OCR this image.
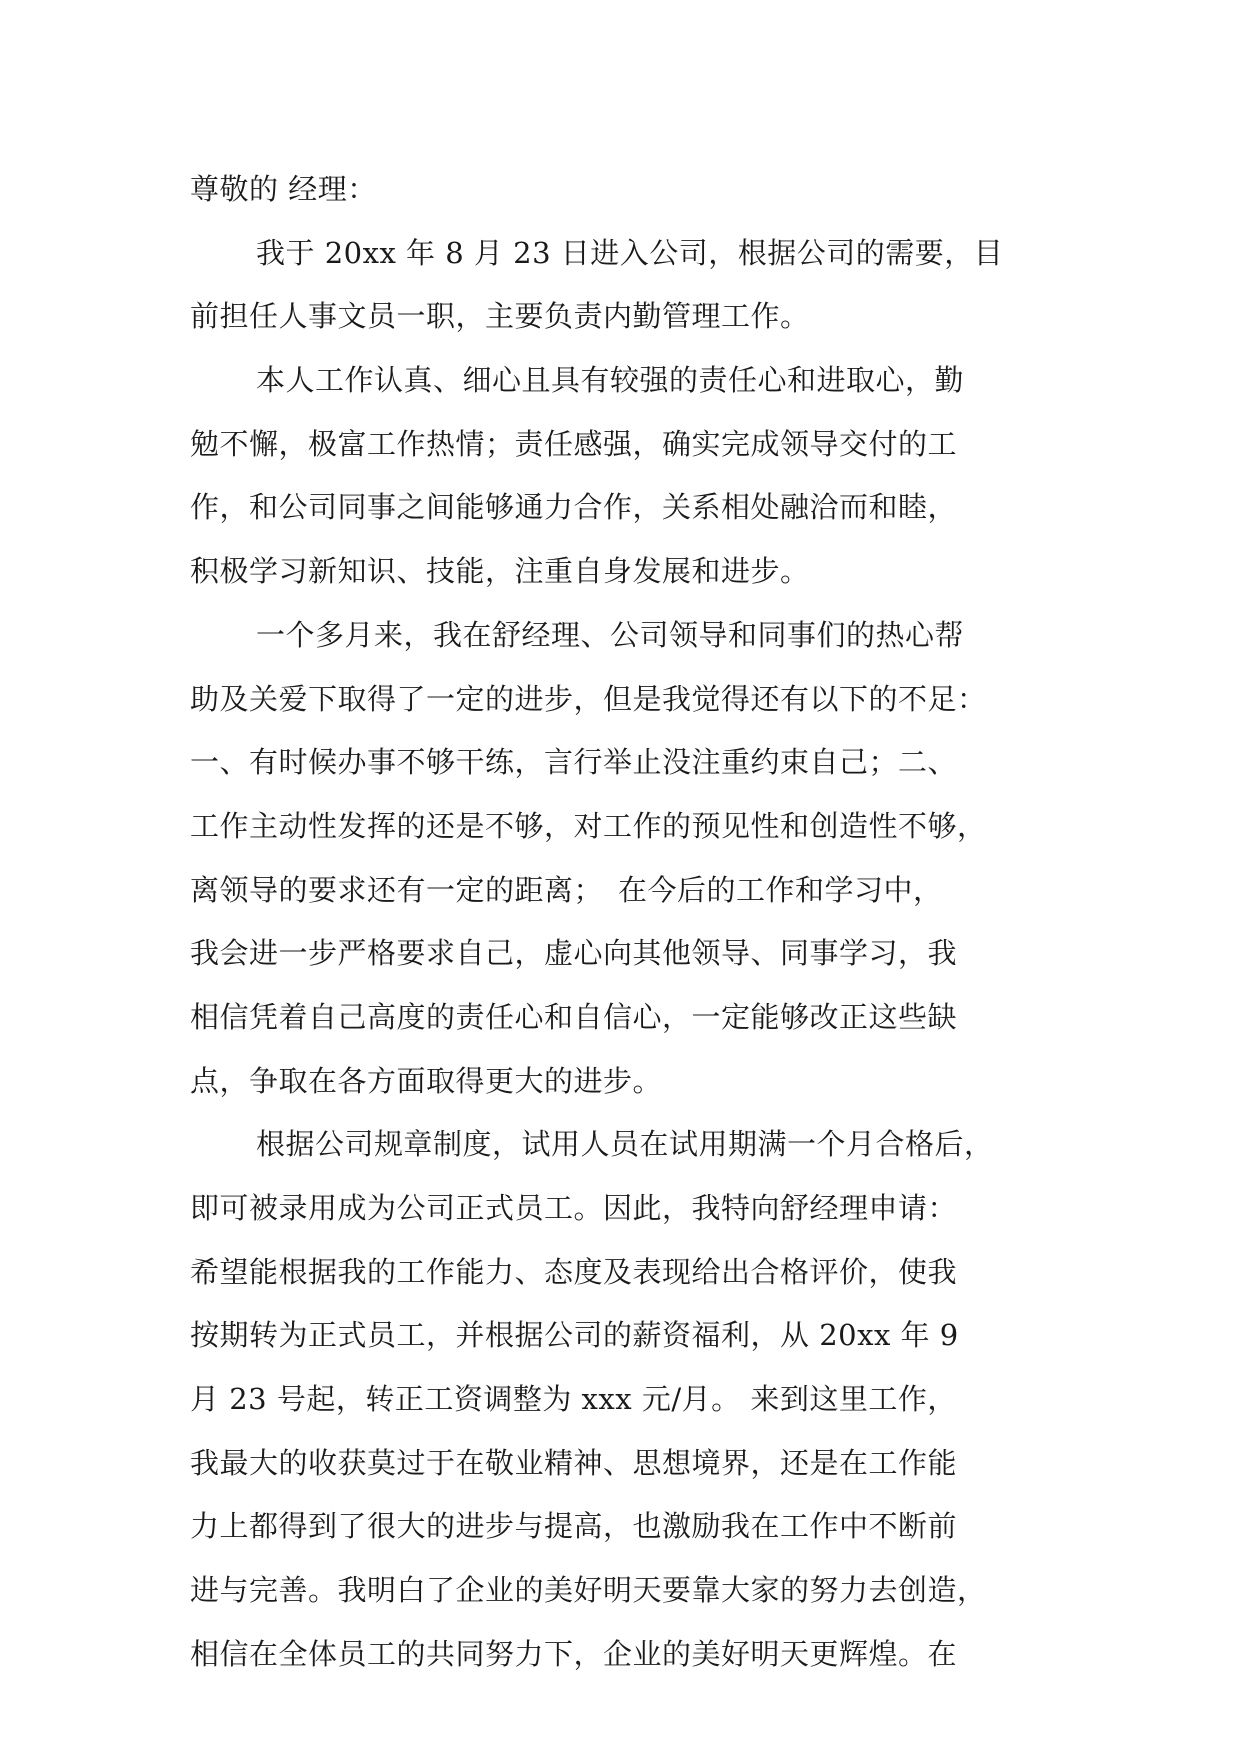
尊敬的 经理：
我于 20xx 年 8 月 23 日进入公司，根据公司的需要，目
前担任人事文员一职，主要负责内勤管理工作。
本人工作认真、细心且具有较强的责任心和进取心，勤
勉不懈，极富工作热情；责任感强，确实完成领导交付的工
作，和公司同事之间能够通力合作，关系相处融洽而和睦，
积极学习新知识、技能，注重自身发展和进步。
一个多月来，我在舒经理、公司领导和同事们的热心帮
助及关爱下取得了一定的进步，但是我觉得还有以下的不足：
一、有时候办事不够干练，言行举止没注重约束自己；二、
工作主动性发挥的还是不够，对工作的预见性和创造性不够，
离领导的要求还有一定的距离；　在今后的工作和学习中，
我会进一步严格要求自己，虚心向其他领导、同事学习，我
相信凭着自己高度的责任心和自信心，一定能够改正这些缺
点，争取在各方面取得更大的进步。
根据公司规章制度，试用人员在试用期满一个月合格后，
即可被录用成为公司正式员工。因此，我特向舒经理申请：
希望能根据我的工作能力、态度及表现给出合格评价，使我
按期转为正式员工，并根据公司的薪资福利，从 20xx 年 9
月 23 号起，转正工资调整为 xxx 元/月。 来到这里工作，
我最大的收获莫过于在敬业精神、思想境界，还是在工作能
力上都得到了很大的进步与提高，也激励我在工作中不断前
进与完善。我明白了企业的美好明天要靠大家的努力去创造，
相信在全体员工的共同努力下，企业的美好明天更辉煌。在
